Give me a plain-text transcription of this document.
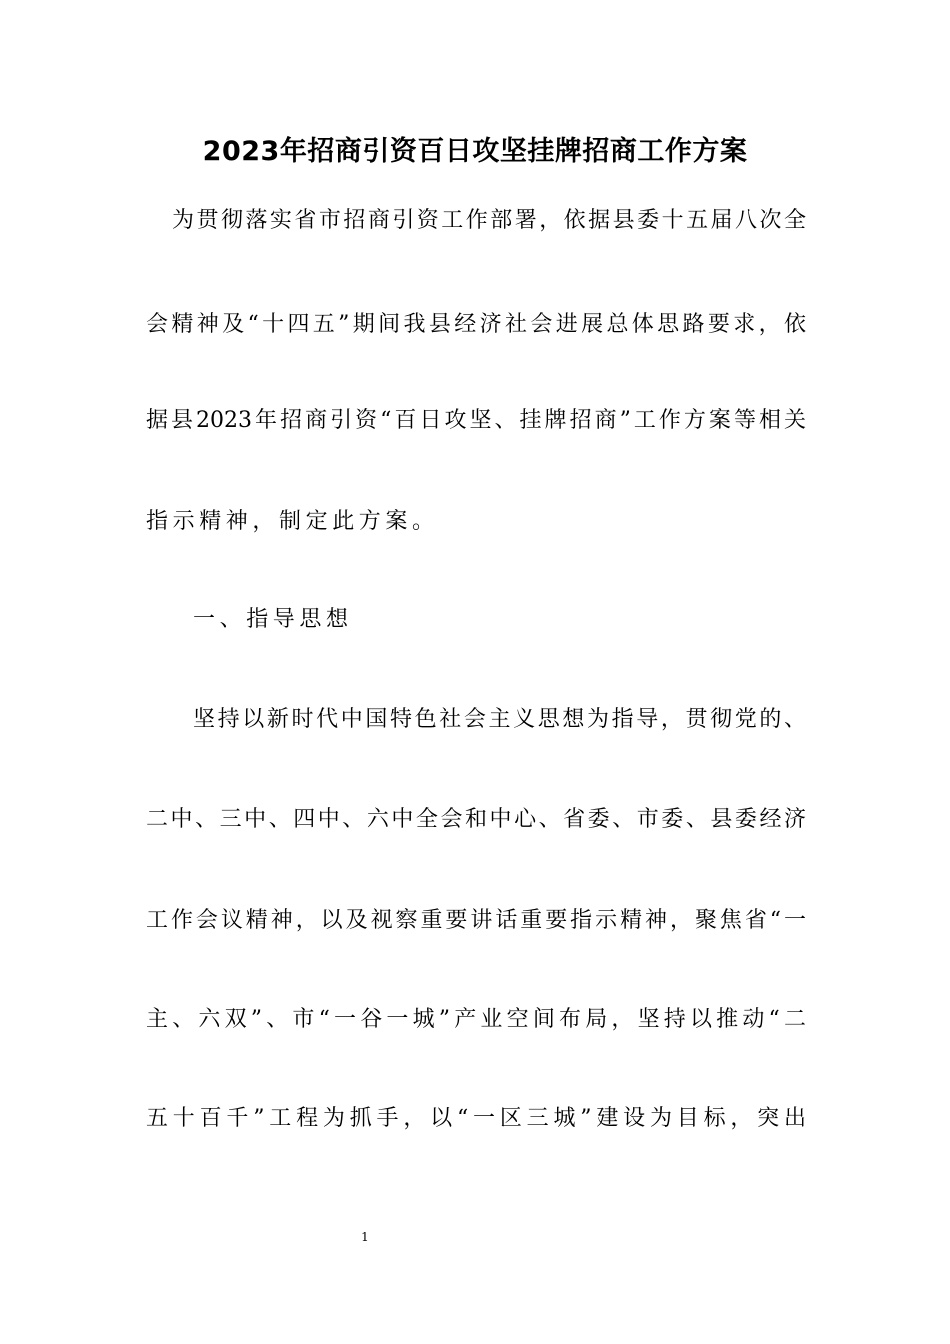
2023年招商引资百日攻坚挂牌招商工作方案
为贯彻落实省市招商引资工作部署，依据县委十五届八次全
会精神及“十四五”期间我县经济社会进展总体思路要求，依
据县2023年招商引资“百日攻坚、挂牌招商”工作方案等相关
指示精神，制定此方案。
一、指导思想
坚持以新时代中国特色社会主义思想为指导，贯彻党的、
二中、三中、四中、六中全会和中心、省委、市委、县委经济
工作会议精神，以及视察重要讲话重要指示精神，聚焦省“一
主、六双”、市“一谷一城”产业空间布局，坚持以推动“二
五十百千”工程为抓手，以“一区三城”建设为目标，突出
1
